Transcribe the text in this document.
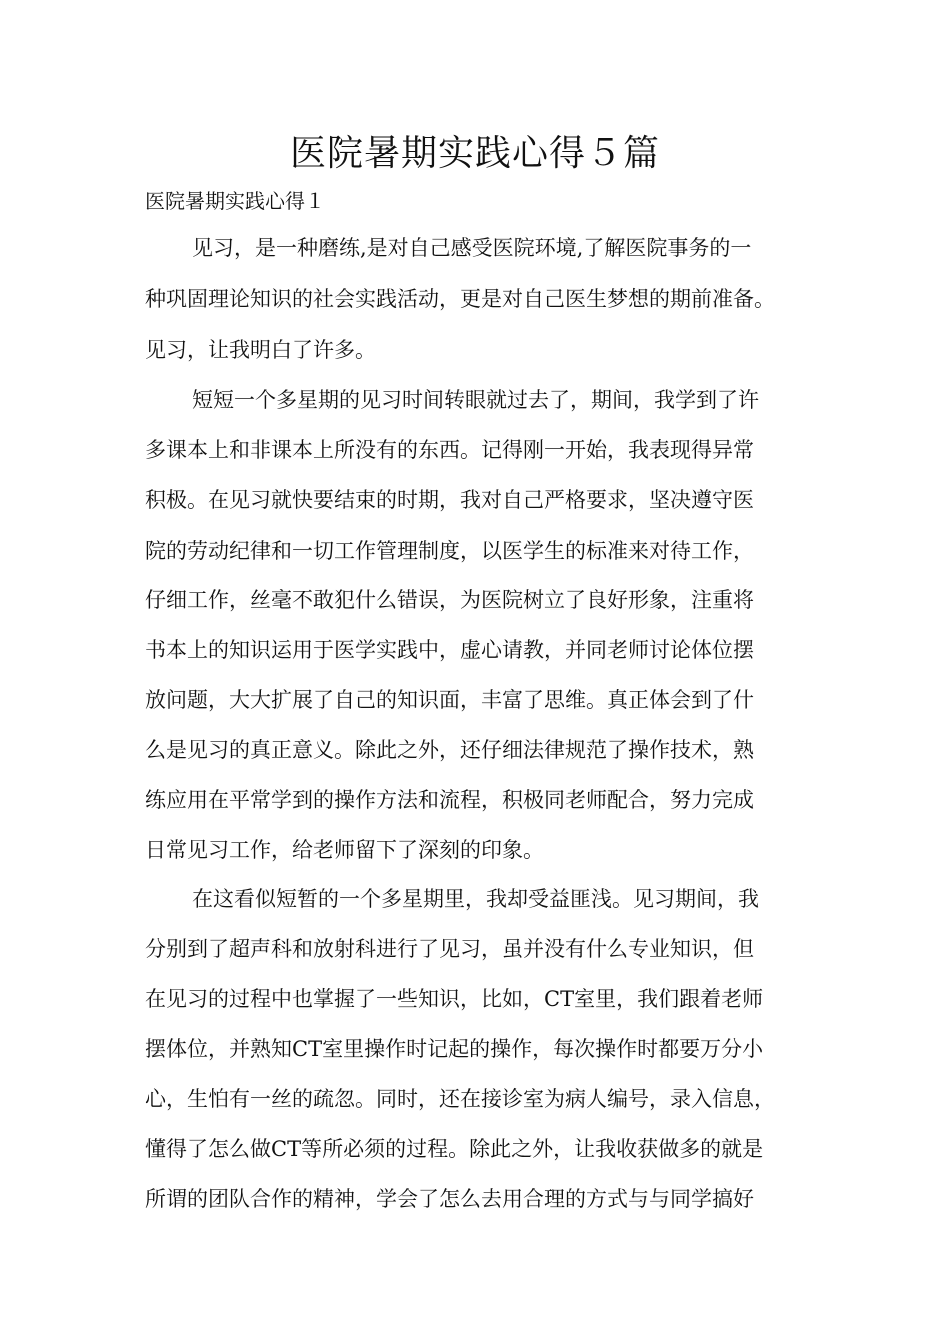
医院暑期实践心得５篇

医院暑期实践心得１

见习，是一种磨练,是对自己感受医院环境,了解医院事务的一

种巩固理论知识的社会实践活动，更是对自己医生梦想的期前准备。

见习，让我明白了许多。

短短一个多星期的见习时间转眼就过去了，期间，我学到了许

多课本上和非课本上所没有的东西。记得刚一开始，我表现得异常

积极。在见习就快要结束的时期，我对自己严格要求，坚决遵守医

院的劳动纪律和一切工作管理制度，以医学生的标准来对待工作，

仔细工作，丝毫不敢犯什么错误，为医院树立了良好形象，注重将

书本上的知识运用于医学实践中，虚心请教，并同老师讨论体位摆

放问题，大大扩展了自己的知识面，丰富了思维。真正体会到了什

么是见习的真正意义。除此之外，还仔细法律规范了操作技术，熟

练应用在平常学到的操作方法和流程，积极同老师配合，努力完成

日常见习工作，给老师留下了深刻的印象。

在这看似短暂的一个多星期里，我却受益匪浅。见习期间，我

分别到了超声科和放射科进行了见习，虽并没有什么专业知识，但

在见习的过程中也掌握了一些知识，比如，CT室里，我们跟着老师

摆体位，并熟知CT室里操作时记起的操作，每次操作时都要万分小

心，生怕有一丝的疏忽。同时，还在接诊室为病人编号，录入信息，

懂得了怎么做CT等所必须的过程。除此之外，让我收获做多的就是

所谓的团队合作的精神，学会了怎么去用合理的方式与与同学搞好
